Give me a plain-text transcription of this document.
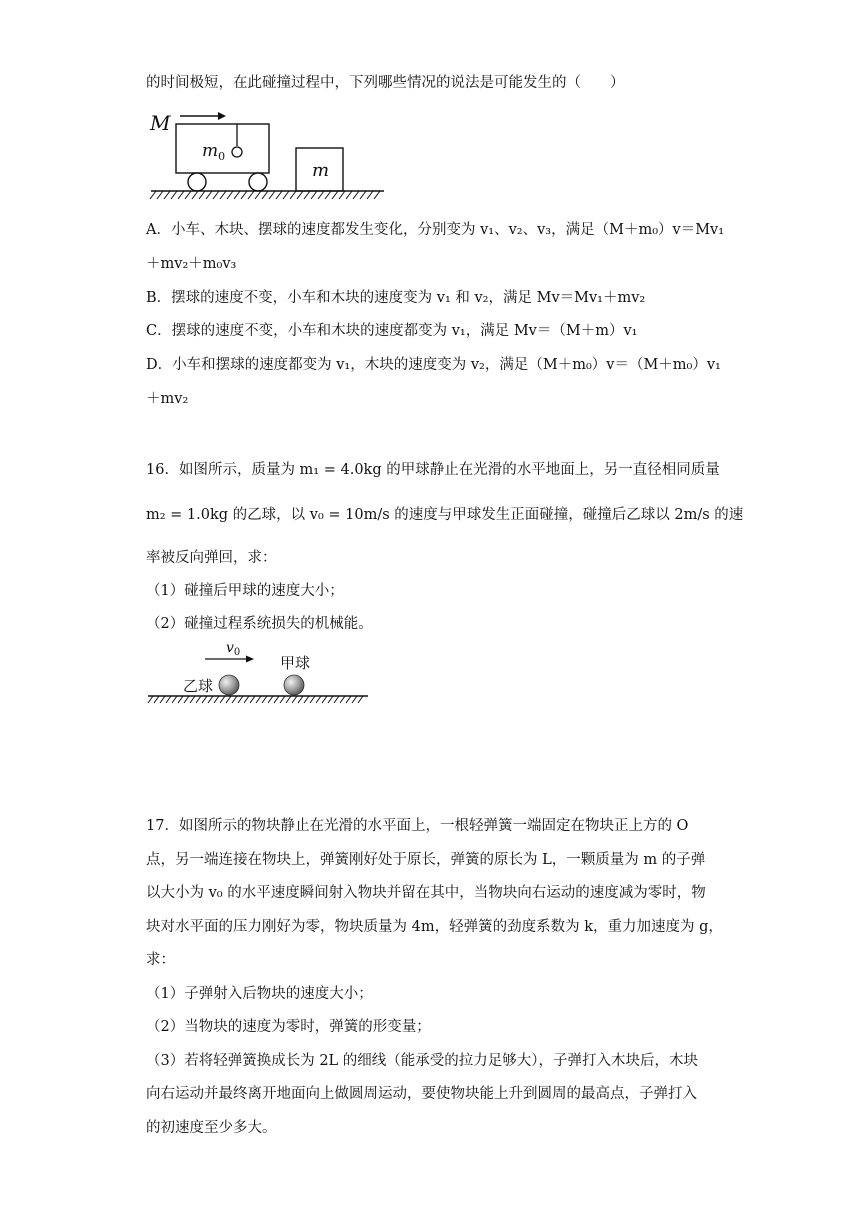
的时间极短，在此碰撞过程中，下列哪些情况的说法是可能发生的（　　）
M
$m_0$
m
A．小车、木块、摆球的速度都发生变化，分别变为 v₁、v₂、v₃，满足（M＋m₀）v＝Mv₁
＋mv₂＋m₀v₃
B．摆球的速度不变，小车和木块的速度变为 v₁ 和 v₂，满足 Mv＝Mv₁＋mv₂
C．摆球的速度不变，小车和木块的速度都变为 v₁，满足 Mv＝（M＋m）v₁
D．小车和摆球的速度都变为 v₁，木块的速度变为 v₂，满足（M＋m₀）v＝（M＋m₀）v₁
＋mv₂
16．如图所示，质量为 m₁ = 4.0kg 的甲球静止在光滑的水平地面上，另一直径相同质量
m₂ = 1.0kg 的乙球，以 v₀ = 10m/s 的速度与甲球发生正面碰撞，碰撞后乙球以 2m/s 的速
率被反向弹回，求：
（1）碰撞后甲球的速度大小；
（2）碰撞过程系统损失的机械能。
$v_0$
甲球
乙球
17．如图所示的物块静止在光滑的水平面上，一根轻弹簧一端固定在物块正上方的 O
点，另一端连接在物块上，弹簧刚好处于原长，弹簧的原长为 L，一颗质量为 m 的子弹
以大小为 v₀ 的水平速度瞬间射入物块并留在其中，当物块向右运动的速度减为零时，物
块对水平面的压力刚好为零，物块质量为 4m，轻弹簧的劲度系数为 k，重力加速度为 g，
求：
（1）子弹射入后物块的速度大小；
（2）当物块的速度为零时，弹簧的形变量；
（3）若将轻弹簧换成长为 2L 的细线（能承受的拉力足够大），子弹打入木块后，木块
向右运动并最终离开地面向上做圆周运动，要使物块能上升到圆周的最高点，子弹打入
的初速度至少多大。
